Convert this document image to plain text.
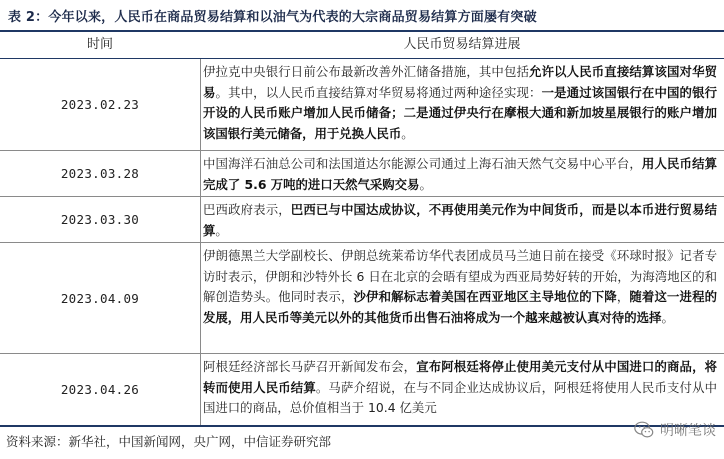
表 2：今年以来，人民币在商品贸易结算和以油气为代表的大宗商品贸易结算方面屡有突破
时间	人民币贸易结算进展
2023.02.23
伊拉克中央银行日前公布最新改善外汇储备措施，其中包括允许以人民币直接结算该国对华贸易。其中，以人民币直接结算对华贸易将通过两种途径实现：一是通过该国银行在中国的银行开设的人民币账户增加人民币储备；二是通过伊央行在摩根大通和新加坡星展银行的账户增加该国银行美元储备，用于兑换人民币。
2023.03.28
中国海洋石油总公司和法国道达尔能源公司通过上海石油天然气交易中心平台，用人民币结算完成了 5.6 万吨的进口天然气采购交易。
2023.03.30
巴西政府表示，巴西已与中国达成协议，不再使用美元作为中间货币，而是以本币进行贸易结算。
2023.04.09
伊朗德黑兰大学副校长、伊朗总统莱希访华代表团成员马兰迪日前在接受《环球时报》记者专访时表示，伊朗和沙特外长 6 日在北京的会晤有望成为西亚局势好转的开始，为海湾地区的和解创造势头。他同时表示，沙伊和解标志着美国在西亚地区主导地位的下降，随着这一进程的发展，用人民币等美元以外的其他货币出售石油将成为一个越来越被认真对待的选择。
2023.04.26
阿根廷经济部长马萨召开新闻发布会，宣布阿根廷将停止使用美元支付从中国进口的商品，将转而使用人民币结算。马萨介绍说，在与不同企业达成协议后，阿根廷将使用人民币支付从中国进口的商品，总价值相当于 10.4 亿美元
资料来源：新华社，中国新闻网，央广网，中信证券研究部
明晰笔谈
